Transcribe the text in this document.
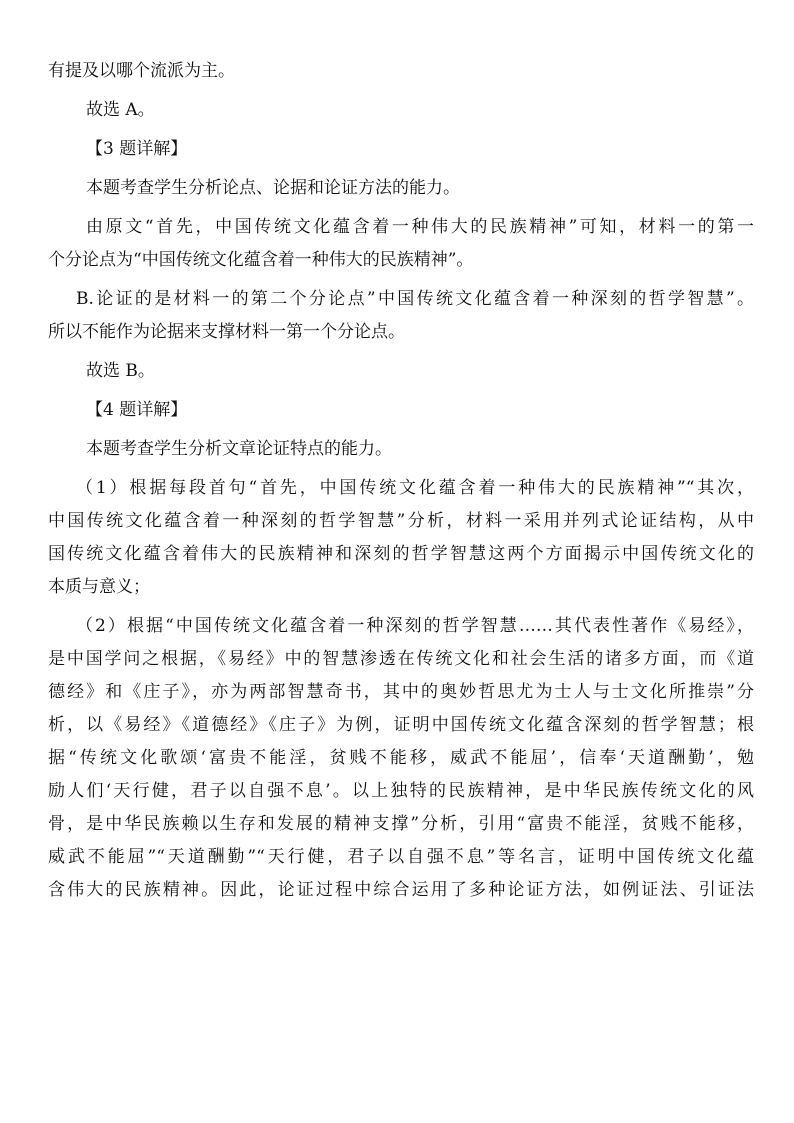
有提及以哪个流派为主。
故选 A。
【3 题详解】
本题考查学生分析论点、论据和论证方法的能力。
由原文“首先，中国传统文化蕴含着一种伟大的民族精神”可知，材料一的第一
个分论点为“中国传统文化蕴含着一种伟大的民族精神”。
B.论证的是材料一的第二个分论点”中国传统文化蕴含着一种深刻的哲学智慧”。
所以不能作为论据来支撑材料一第一个分论点。
故选 B。
【4 题详解】
本题考查学生分析文章论证特点的能力。
（1）根据每段首句“首先，中国传统文化蕴含着一种伟大的民族精神”“其次，
中国传统文化蕴含着一种深刻的哲学智慧”分析，材料一采用并列式论证结构，从中
国传统文化蕴含着伟大的民族精神和深刻的哲学智慧这两个方面揭示中国传统文化的
本质与意义；
（2）根据“中国传统文化蕴含着一种深刻的哲学智慧……其代表性著作《易经》，
是中国学问之根据，《易经》中的智慧渗透在传统文化和社会生活的诸多方面，而《道
德经》和《庄子》，亦为两部智慧奇书，其中的奥妙哲思尤为士人与士文化所推崇”分
析，以《易经》《道德经》《庄子》为例，证明中国传统文化蕴含深刻的哲学智慧；根
据“传统文化歌颂‘富贵不能淫，贫贱不能移，威武不能屈’，信奉‘天道酬勤’，勉
励人们‘天行健，君子以自强不息’。以上独特的民族精神，是中华民族传统文化的风
骨，是中华民族赖以生存和发展的精神支撑”分析，引用“富贵不能淫，贫贱不能移，
威武不能屈”“天道酬勤”“天行健，君子以自强不息”等名言，证明中国传统文化蕴
含伟大的民族精神。因此，论证过程中综合运用了多种论证方法，如例证法、引证法
